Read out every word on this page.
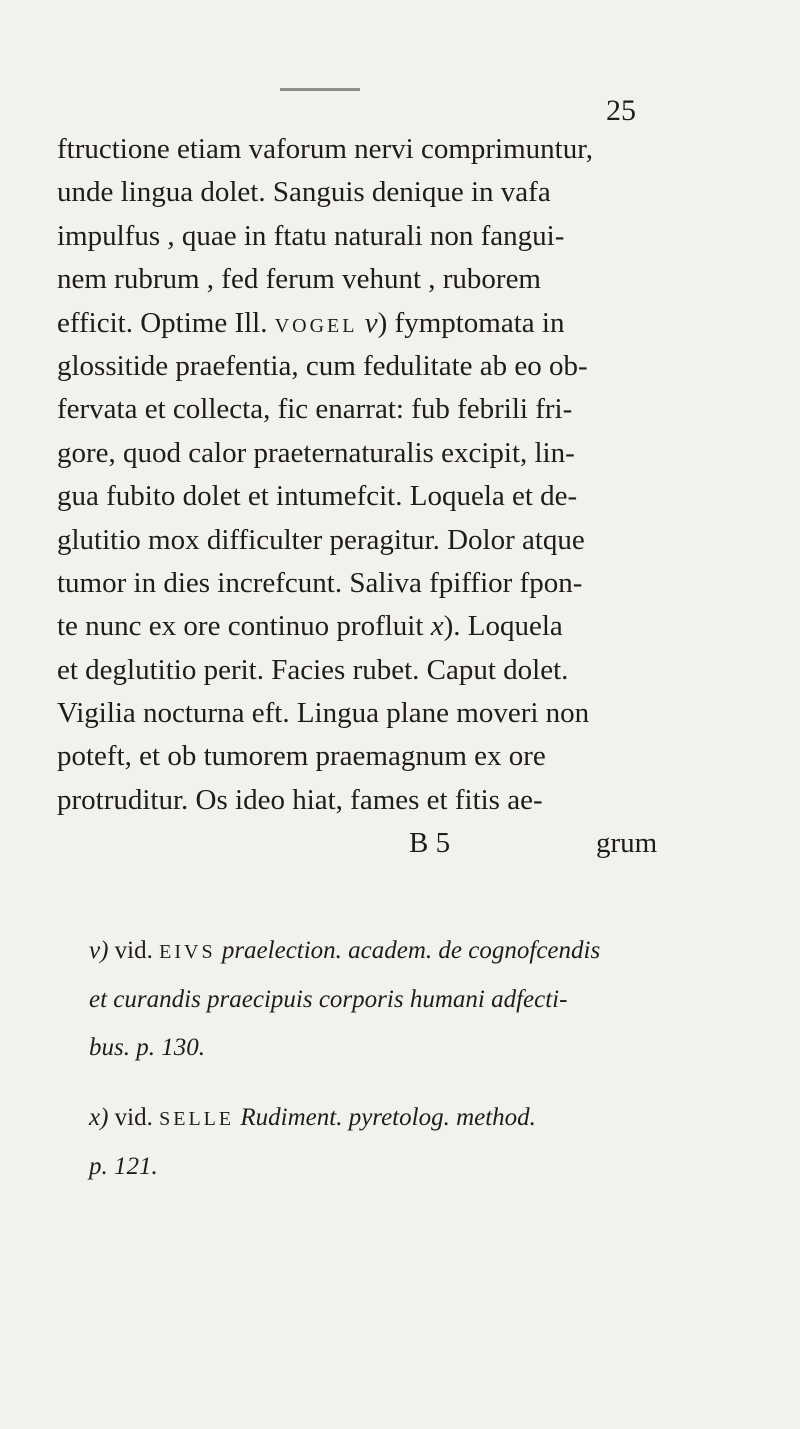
25
ftructione etiam vaforum nervi comprimuntur,
unde lingua dolet. Sanguis denique in vafa
impulfus , quae in ftatu naturali non fangui-
nem rubrum , fed ferum vehunt , ruborem
efficit. Optime Ill. VOGEL v) fymptomata in
glossitide praefentia, cum fedulitate ab eo ob-
fervata et collecta, fic enarrat: fub febrili fri-
gore, quod calor praeternaturalis excipit, lin-
gua fubito dolet et intumefcit. Loquela et de-
glutitio mox difficulter peragitur. Dolor atque
tumor in dies increfcunt. Saliva fpiffior fpon-
te nunc ex ore continuo profluit x). Loquela
et deglutitio perit. Facies rubet. Caput dolet.
Vigilia nocturna eft. Lingua plane moveri non
poteft, et ob tumorem praemagnum ex ore
protruditur. Os ideo hiat, fames et fitis ae-
B 5	grum
v) vid. EIVS praelection. academ. de cognofcendis
et curandis praecipuis corporis humani adfecti-
bus. p. 130.
x) vid. SELLE Rudiment. pyretolog. method.
p. 121.
